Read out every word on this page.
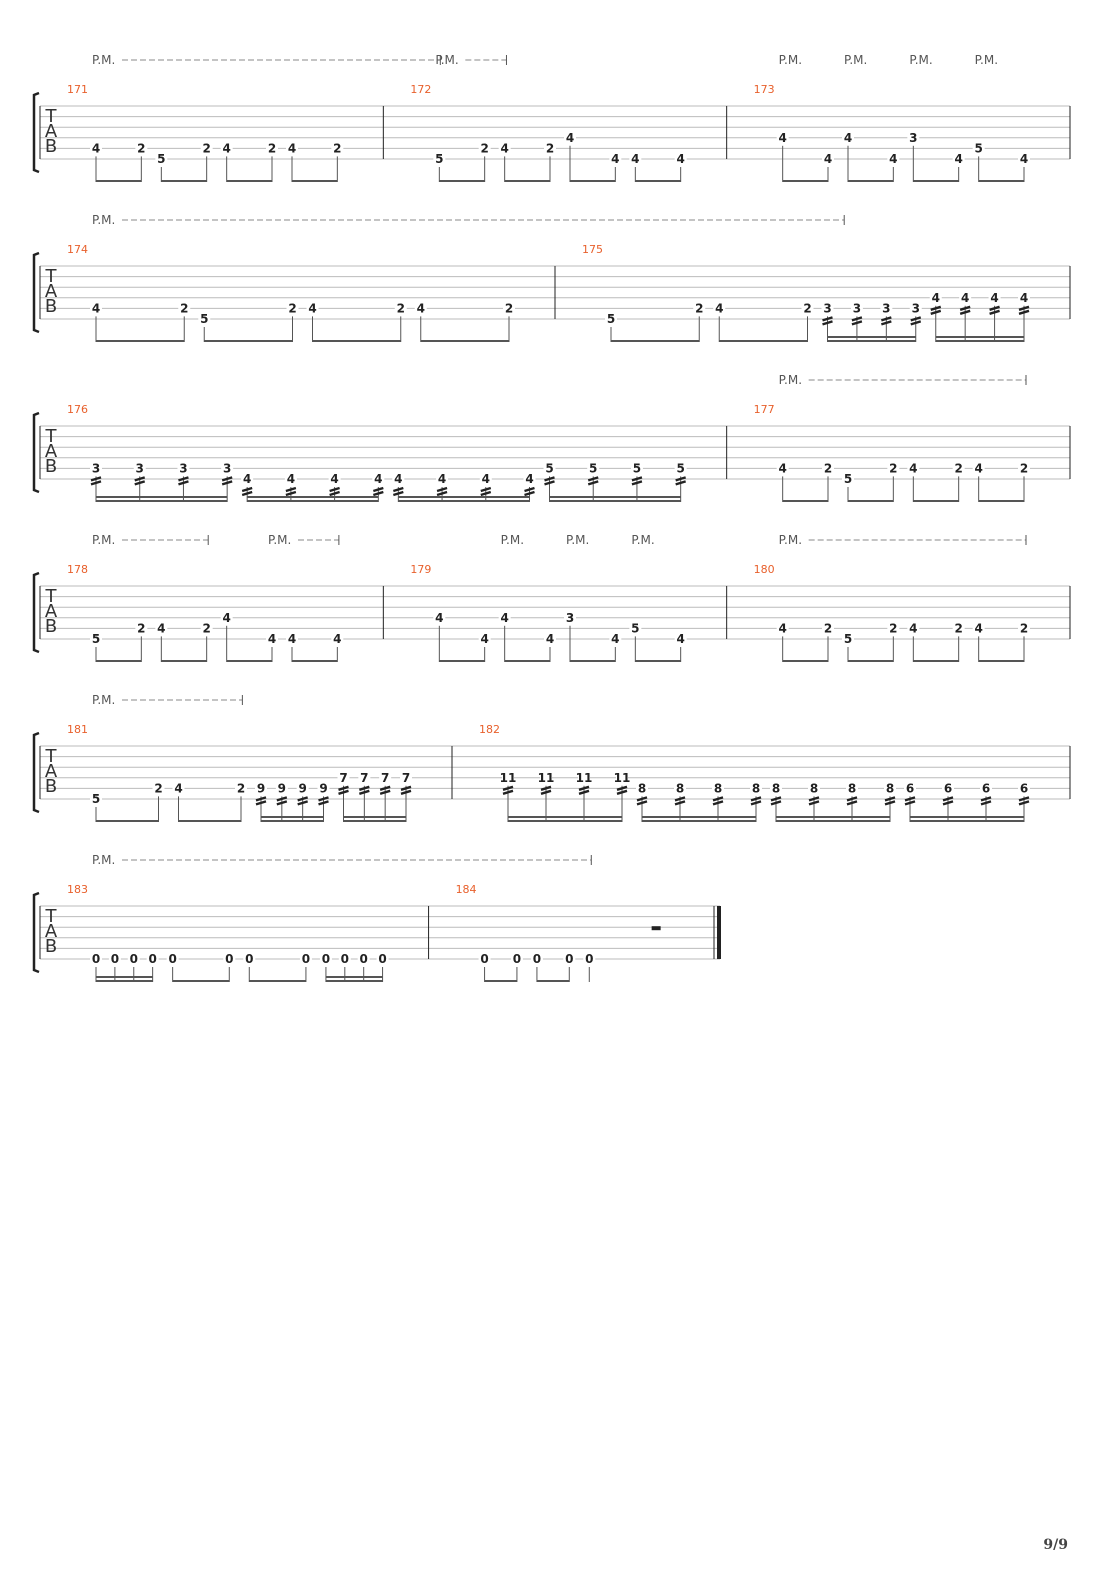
T
A
B
171
4	2
5
2 4	2 4	2
172
5
2 4	2
4
4 4	4
173
4
4
4
4
3
4
5
4
P.M.	P.M.	P.M.	P.M.	P.M.	P.M.
T
A
B
174
4	2
5
2 4	2 4	2
175
5
2 4	2 3 3 3 3
4 4 4 4
P.M.
T
A
B
176
3	3	3	3
4	4	4	4 4	4	4	4
5	5	5	5
177
4	2
5
2 4	2 4	2
P.M.
T
A
B
178
5
2 4	2
4
4 4	4
179
4
4
4
4
3
4
5
4
180
4	2
5
2 4	2 4	2
P.M.	P.M.	P.M.	P.M.	P.M.	P.M.
T
A
B
181
5
2 4	2 9 9 9 9
7 7 7 7
182
11 11 11 11
8 8 8 8 8 8 8 8 6 6 6 6
P.M.
T
A
B
183
0 0 0 0 0	0 0	0 0 0 0 0
184
0 0 0 0 0
P.M.
9/9
